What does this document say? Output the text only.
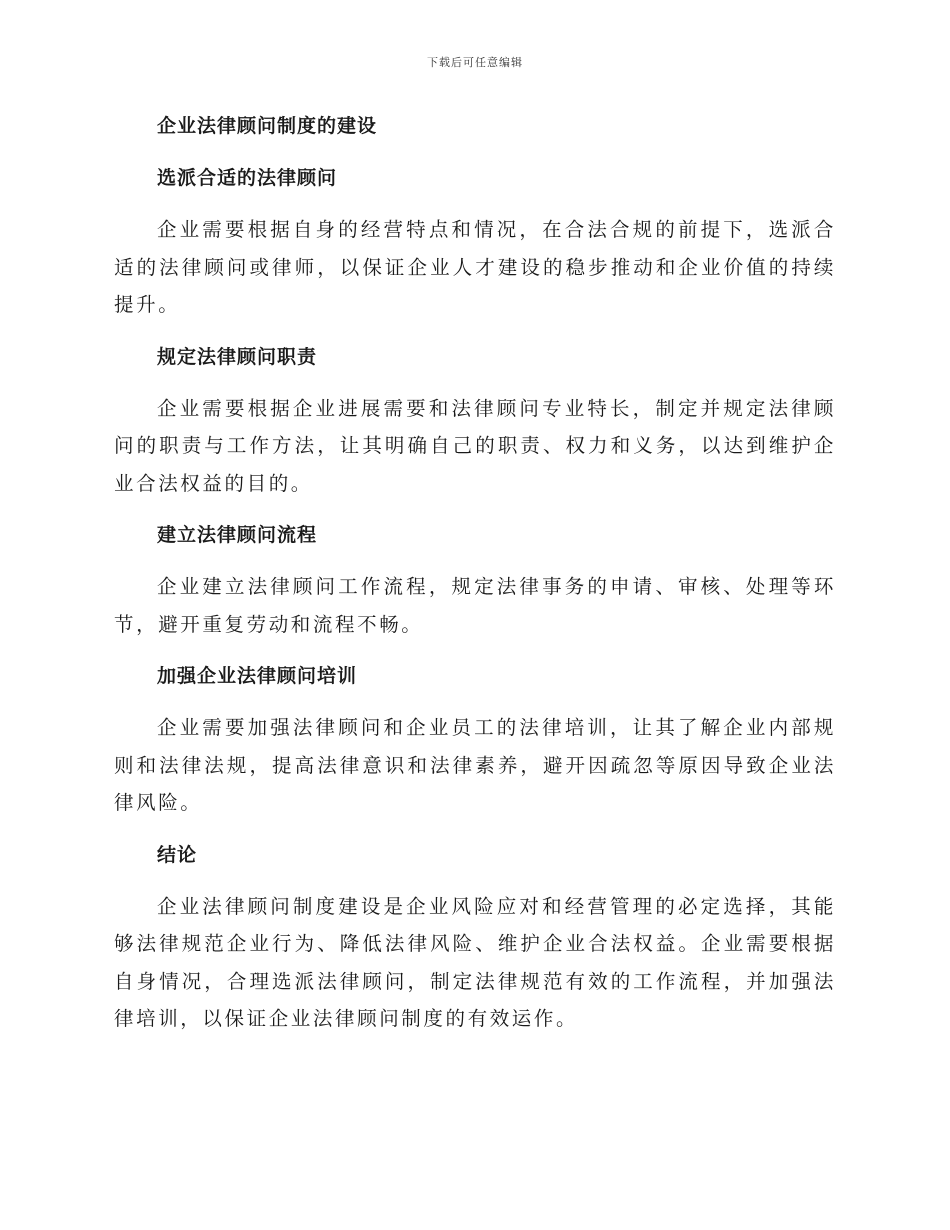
下载后可任意编辑
企业法律顾问制度的建设
选派合适的法律顾问

企业需要根据自身的经营特点和情况，在合法合规的前提下，选派合适的法律顾问或律师，以保证企业人才建设的稳步推动和企业价值的持续提升。

规定法律顾问职责

企业需要根据企业进展需要和法律顾问专业特长，制定并规定法律顾问的职责与工作方法，让其明确自己的职责、权力和义务，以达到维护企业合法权益的目的。

建立法律顾问流程

企业建立法律顾问工作流程，规定法律事务的申请、审核、处理等环节，避开重复劳动和流程不畅。

加强企业法律顾问培训

企业需要加强法律顾问和企业员工的法律培训，让其了解企业内部规则和法律法规，提高法律意识和法律素养，避开因疏忽等原因导致企业法律风险。

结论

企业法律顾问制度建设是企业风险应对和经营管理的必定选择，其能够法律规范企业行为、降低法律风险、维护企业合法权益。企业需要根据自身情况，合理选派法律顾问，制定法律规范有效的工作流程，并加强法律培训，以保证企业法律顾问制度的有效运作。
